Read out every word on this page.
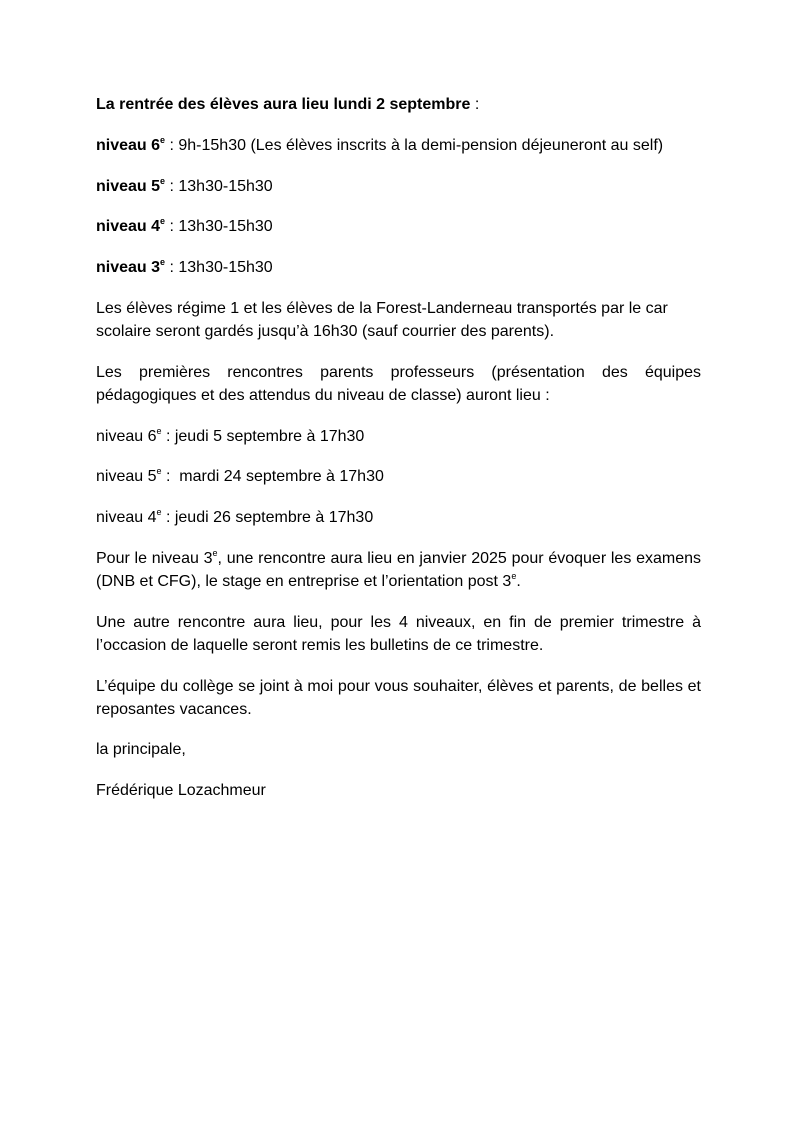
La rentrée des élèves aura lieu lundi 2 septembre :

niveau 6e : 9h-15h30 (Les élèves inscrits à la demi-pension déjeuneront au self)

niveau 5e : 13h30-15h30

niveau 4e : 13h30-15h30

niveau 3e : 13h30-15h30

Les élèves régime 1 et les élèves de la Forest-Landerneau transportés par le car scolaire seront gardés jusqu’à 16h30 (sauf courrier des parents).

Les premières rencontres parents professeurs (présentation des équipes pédagogiques et des attendus du niveau de classe) auront lieu :

niveau 6e : jeudi 5 septembre à 17h30

niveau 5e :  mardi 24 septembre à 17h30

niveau 4e : jeudi 26 septembre à 17h30

Pour le niveau 3e, une rencontre aura lieu en janvier 2025 pour évoquer les examens (DNB et CFG), le stage en entreprise et l’orientation post 3e.

Une autre rencontre aura lieu, pour les 4 niveaux, en fin de premier trimestre à l’occasion de laquelle seront remis les bulletins de ce trimestre.

L’équipe du collège se joint à moi pour vous souhaiter, élèves et parents, de belles et reposantes vacances.

la principale,

Frédérique Lozachmeur
